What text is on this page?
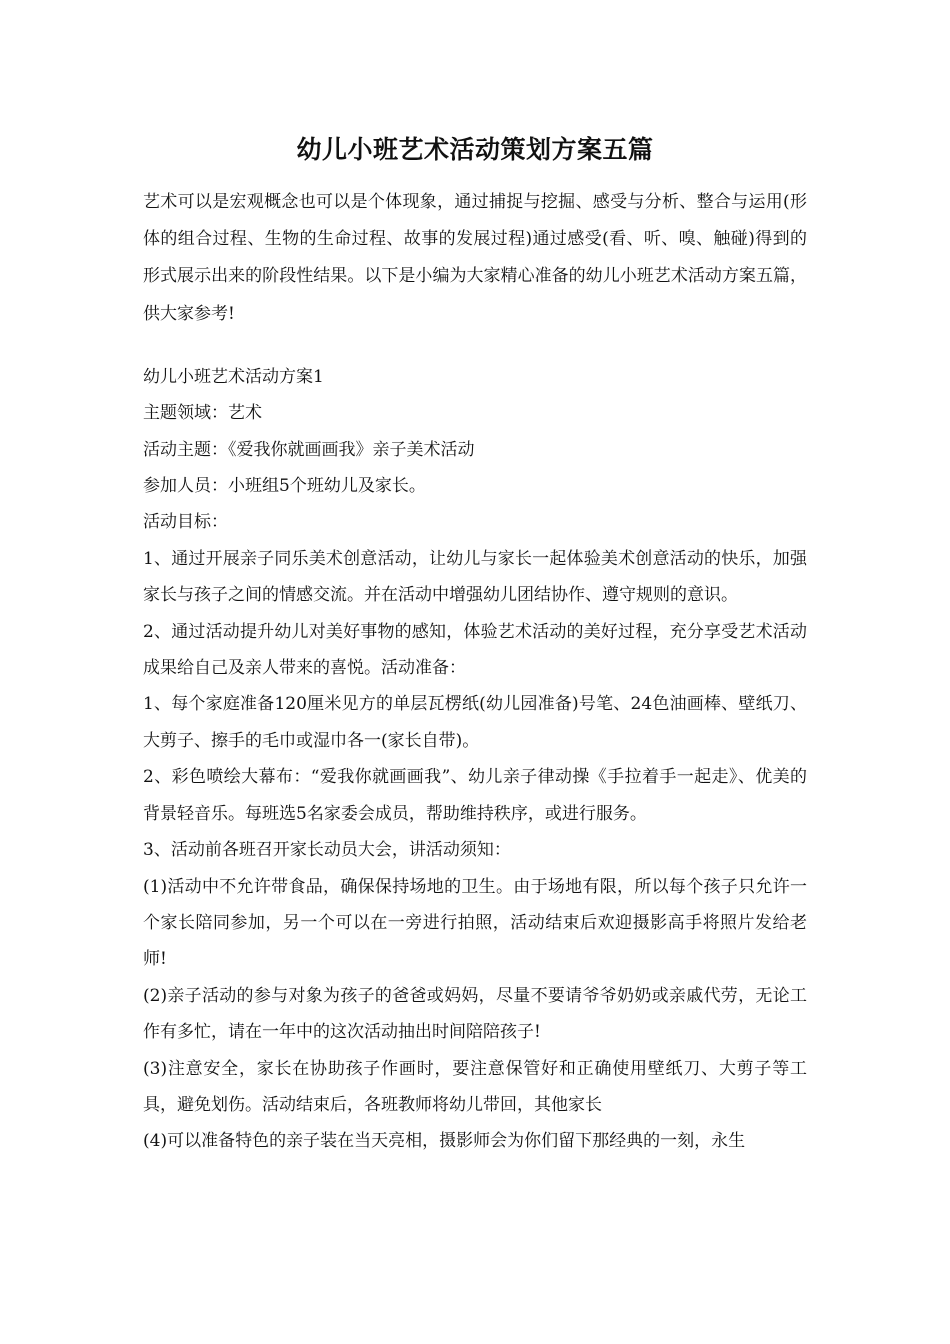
幼儿小班艺术活动策划方案五篇

艺术可以是宏观概念也可以是个体现象，通过捕捉与挖掘、感受与分析、整合与运用(形体的组合过程、生物的生命过程、故事的发展过程)通过感受(看、听、嗅、触碰)得到的形式展示出来的阶段性结果。以下是小编为大家精心准备的幼儿小班艺术活动方案五篇，供大家参考!

幼儿小班艺术活动方案1

主题领域：艺术

活动主题：《爱我你就画画我》亲子美术活动

参加人员：小班组5个班幼儿及家长。

活动目标：

1、通过开展亲子同乐美术创意活动，让幼儿与家长一起体验美术创意活动的快乐，加强家长与孩子之间的情感交流。并在活动中增强幼儿团结协作、遵守规则的意识。

2、通过活动提升幼儿对美好事物的感知，体验艺术活动的美好过程，充分享受艺术活动成果给自己及亲人带来的喜悦。活动准备：

1、每个家庭准备120厘米见方的单层瓦楞纸(幼儿园准备)号笔、24色油画棒、壁纸刀、大剪子、擦手的毛巾或湿巾各一(家长自带)。

2、彩色喷绘大幕布：“爱我你就画画我”、幼儿亲子律动操《手拉着手一起走》、优美的背景轻音乐。每班选5名家委会成员，帮助维持秩序，或进行服务。

3、活动前各班召开家长动员大会，讲活动须知：

(1)活动中不允许带食品，确保保持场地的卫生。由于场地有限，所以每个孩子只允许一个家长陪同参加，另一个可以在一旁进行拍照，活动结束后欢迎摄影高手将照片发给老师!

(2)亲子活动的参与对象为孩子的爸爸或妈妈，尽量不要请爷爷奶奶或亲戚代劳，无论工作有多忙，请在一年中的这次活动抽出时间陪陪孩子!

(3)注意安全，家长在协助孩子作画时，要注意保管好和正确使用壁纸刀、大剪子等工具，避免划伤。活动结束后，各班教师将幼儿带回，其他家长

(4)可以准备特色的亲子装在当天亮相，摄影师会为你们留下那经典的一刻，永生
